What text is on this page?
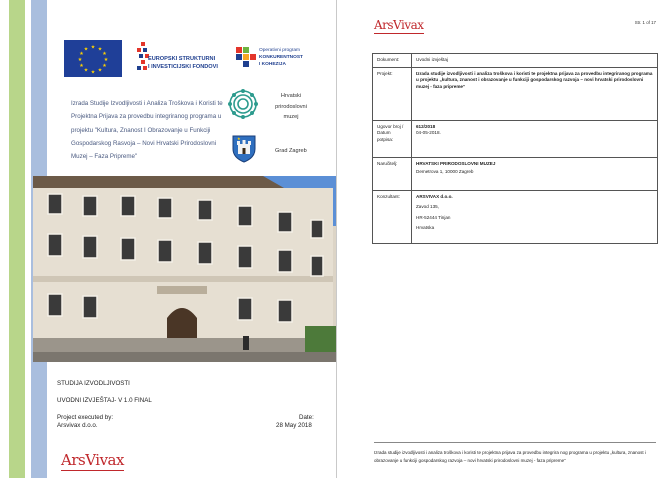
★ ★
★
★
★
★
★
★
★
★
★
★
EUROPSKI STRUKTURNI
I INVESTICIJSKI FONDOVI
Operativni program
KONKURENTNOST
I KOHEZIJA
Izrada Studije Izvodljivosti i Analiza Troškova i Koristi te Projektna Prijava za provedbu integriranog programa u projektu "Kultura, Znanost I Obrazovanje u Funkciji Gospodarskog Rasvoja – Novi Hrvatski Prirodoslovni Muzej – Faza Pripreme"
Hrvatski
prirodoslovni
muzej
★
Grad Zagreb
STUDIJA IZVODLJIVOSTI
UVODNI IZVJEŠTAJ- V 1.0 FINAL
Project executed by:
Arsvivax d.o.o.
Date:
28 May 2018
ArsVivax
Str. 1 of 17
ArsVivax
Dokument:	Uvodni izvještaj
Projekt:	Izrada studije izvodljivosti i analiza troškova i koristi te projektna prijava za provedbu integriranog programa u projektu „kultura, znanost i obrazovanje u funkciji gospodarskog razvoja – novi hrvatski prirodoslovni muzej - faza pripreme“

Ugovor broj /
Datum potpisa:	612/2018
04-05-2018.

Naručitelj:	HRVATSKI PRIRODOSLOVNI MUZEJ
Demetrova 1, 10000 Zagreb

Konzultant:	ARSVIVAX d.o.o.
Zavod 135,
HR-52444 Tinjan
Hrvatska
Izrada studije izvodljivosti i analiza troškova i koristi te projektna prijava za provedbu integrira nog programa u projektu „kultura, znanost i obrazovanje u funkciji gospodarskog razvoja – novi hrvatski prirodoslovni muzej - faza pripreme“
